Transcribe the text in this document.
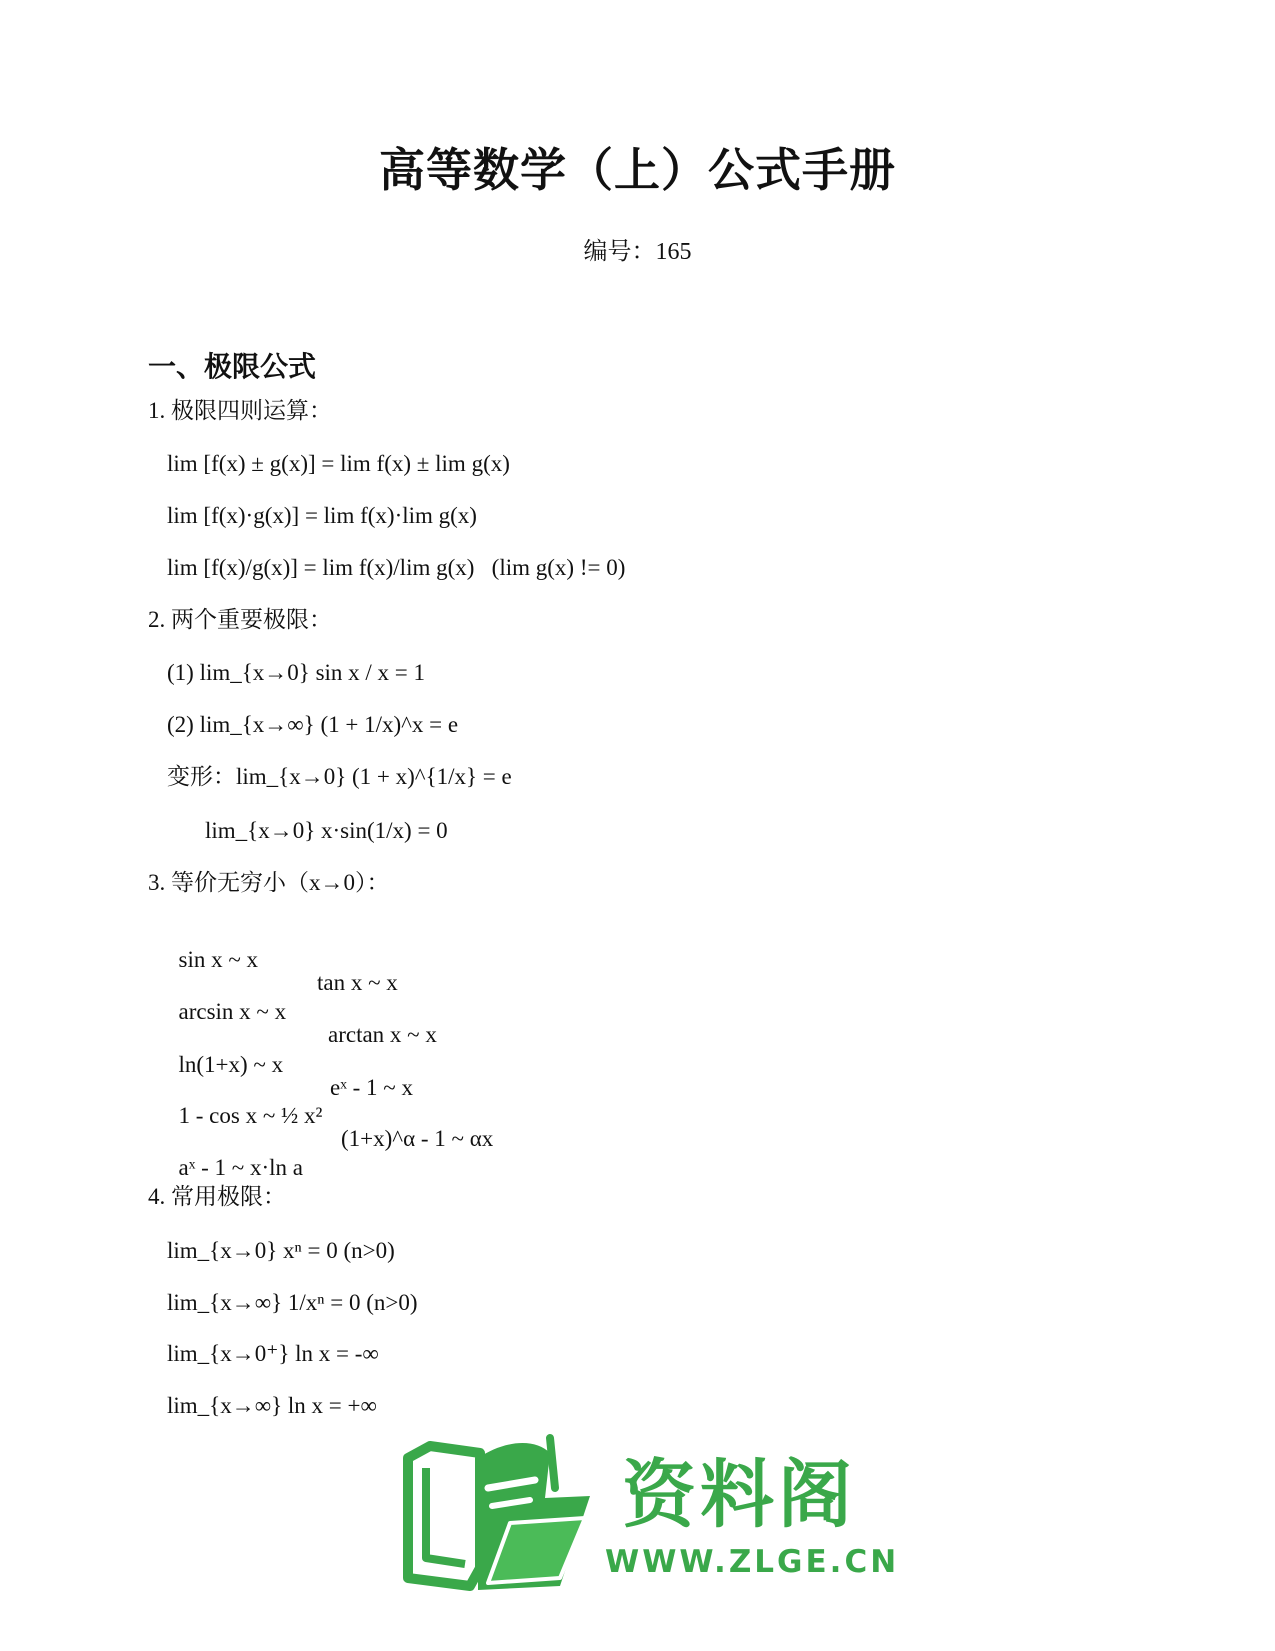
高等数学（上）公式手册
编号：165
一、极限公式
1. 极限四则运算：
lim [f(x) ± g(x)] = lim f(x) ± lim g(x)
lim [f(x)·g(x)] = lim f(x)·lim g(x)
lim [f(x)/g(x)] = lim f(x)/lim g(x)   (lim g(x) != 0)
2. 两个重要极限：
(1) lim_{x→0} sin x / x = 1
(2) lim_{x→∞} (1 + 1/x)^x = e
变形：lim_{x→0} (1 + x)^{1/x} = e
lim_{x→0} x·sin(1/x) = 0
3. 等价无穷小（x→0）：

sin x ~ x

tan x ~ x

arcsin x ~ x

arctan x ~ x

ln(1+x) ~ x

eˣ - 1 ~ x

1 - cos x ~ ½ x²

(1+x)^α - 1 ~ αx

aˣ - 1 ~ x·ln a

4. 常用极限：
lim_{x→0} xⁿ = 0 (n>0)
lim_{x→∞} 1/xⁿ = 0 (n>0)
lim_{x→0⁺} ln x = -∞
lim_{x→∞} ln x = +∞
资料阁
WWW.ZLGE.CN
